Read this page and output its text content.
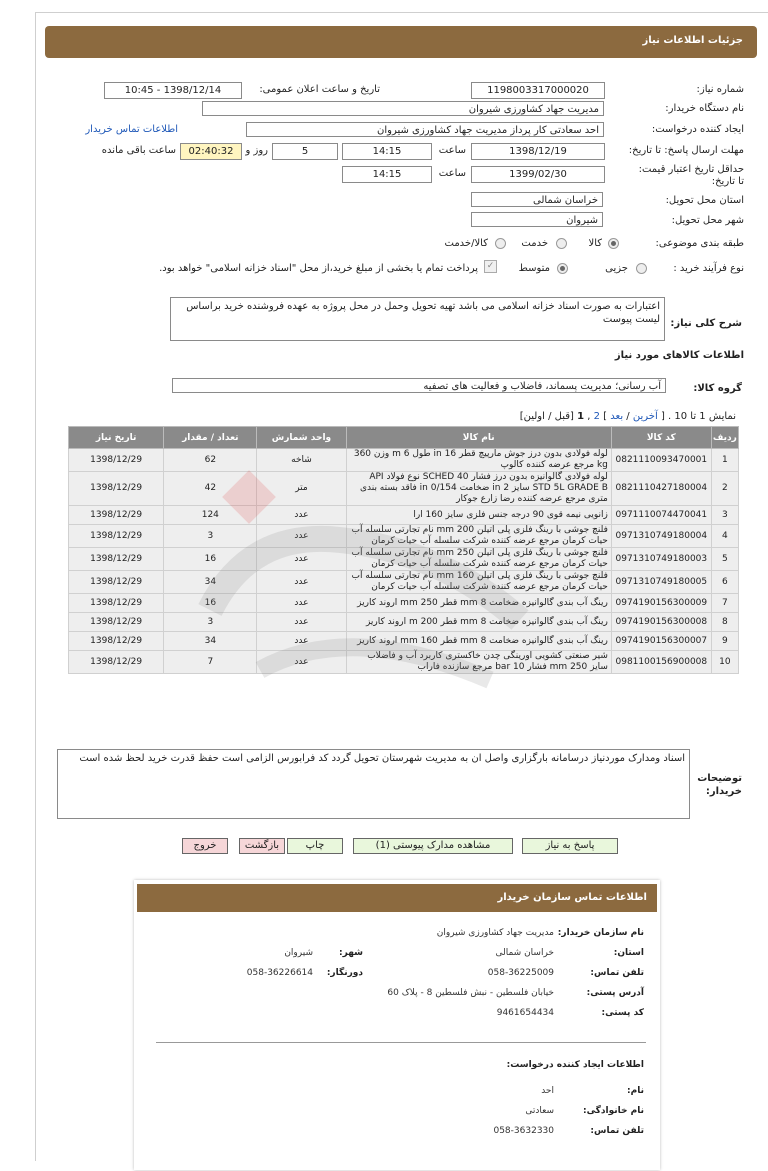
جزئیات اطلاعات نیاز
شماره نیاز:
1198003317000020
تاریخ و ساعت اعلان عمومی:
1398/12/14 - 10:45
نام دستگاه خریدار:
مدیریت جهاد کشاورزی شیروان
ایجاد کننده درخواست:
احد سعادتی کار پرداز مدیریت جهاد کشاورزی شیروان
اطلاعات تماس خریدار
مهلت ارسال پاسخ: تا تاریخ:
1398/12/19
ساعت
14:15
5
روز و
02:40:32
ساعت باقی مانده
حداقل تاریخ اعتبار قیمت: تا تاریخ:
1399/02/30
ساعت
14:15
استان محل تحویل:
خراسان شمالی
شهر محل تحویل:
شیروان
طبقه بندی موضوعی:
کالا
خدمت
کالا/خدمت
نوع فرآیند خرید :
جزیی
متوسط
✓
پرداخت تمام یا بخشی از مبلغ خرید،از محل "اسناد خزانه اسلامی" خواهد بود.
شرح کلی نیاز:
اعتبارات به صورت اسناد خزانه اسلامی می باشد تهیه تحویل وحمل در محل پروژه به عهده فروشنده خرید براساس لیست پیوست
اطلاعات کالاهای مورد نیاز
گروه کالا:
آب رسانی؛ مدیریت پسماند، فاضلاب و فعالیت های تصفیه
نمایش 1 تا 10 . [ آخرین / بعد ] 2 , 1 [قبل / اولین]
ردیف	کد کالا	نام کالا	واحد شمارش	تعداد / مقدار	تاریخ نیاز
1	0821110093470001	لوله فولادی بدون درز جوش مارپیچ قطر 16 in طول 6 m وزن 360 kg مرجع عرضه کننده کالوپ	شاخه	62	1398/12/29
2	0821110427180004	لوله فولادی گالوانیزه بدون درز فشار SCHED 40 نوع فولاد API STD 5L GRADE B سایز 2 in ضخامت 0/154 in فاقد بسته بندی متری مرجع عرضه کننده رضا زارع جوکار	متر	42	1398/12/29
3	0971110074470041	زانویی نیمه قوی 90 درجه جنس فلزی سایز 160 ارا	عدد	124	1398/12/29
4	0971310749180004	فلنچ جوشی با رینگ فلزی پلی اتیلن 200 mm نام تجارتی سلسله آب حیات کرمان مرجع عرضه کننده شرکت سلسله آب حیات کرمان	عدد	3	1398/12/29
5	0971310749180003	فلنچ جوشی با رینگ فلزی پلی اتیلن 250 mm نام تجارتی سلسله آب حیات کرمان مرجع عرضه کننده شرکت سلسله آب حیات کرمان	عدد	16	1398/12/29
6	0971310749180005	فلنچ جوشی با رینگ فلزی پلی اتیلن 160 mm نام تجارتی سلسله آب حیات کرمان مرجع عرضه کننده شرکت سلسله آب حیات کرمان	عدد	34	1398/12/29
7	0974190156300009	رینگ آب بندی گالوانیزه ضخامت 8 mm قطر 250 mm اروند کاریز	عدد	16	1398/12/29
8	0974190156300008	رینگ آب بندی گالوانیزه ضخامت 8 mm قطر 200 m اروند کاریز	عدد	3	1398/12/29
9	0974190156300007	رینگ آب بندی گالوانیزه ضخامت 8 mm قطر 160 mm اروند کاریز	عدد	34	1398/12/29
10	0981100156900008	شیر صنعتی کشویی اورینگی چدن خاکستری کاربرد آب و فاضلاب سایز 250 mm فشار 10 bar مرجع سازنده فاراب	عدد	7	1398/12/29
توضیحات خریدار:
اسناد ومدارک موردنیاز درسامانه بارگزاری واصل ان به مدیریت شهرستان تحویل گردد کد فرابورس الزامی است حفظ قدرت خرید لحظ شده است
پاسخ به نیاز
مشاهده مدارک پیوستی (1)
چاپ
بازگشت
خروج
اطلاعات تماس سازمان خریدار
نام سازمان خریدار:
مدیریت جهاد کشاورزی شیروان
استان:
خراسان شمالی
شهر:
شیروان
تلفن تماس:
058-36225009
دورنگار:
058-36226614
آدرس پستی:
خیابان فلسطین - نبش فلسطین 8 - پلاک 60
کد پستی:
9461654434
اطلاعات ایجاد کننده درخواست:
نام:
احد
نام خانوادگی:
سعادتی
تلفن تماس:
058-3632330
